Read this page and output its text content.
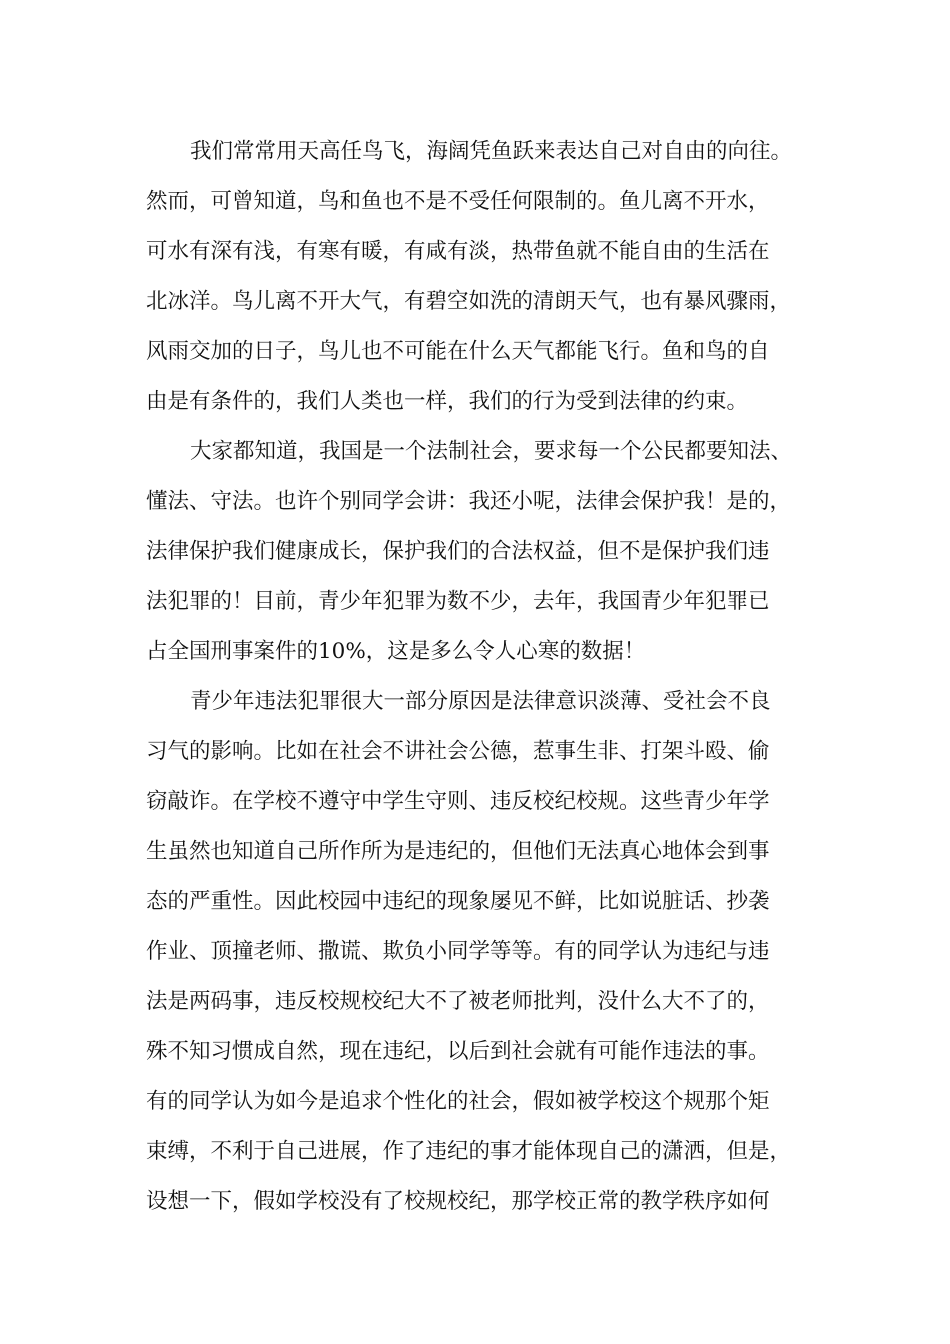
我们常常用天高任鸟飞，海阔凭鱼跃来表达自己对自由的向往。

然而，可曾知道，鸟和鱼也不是不受任何限制的。鱼儿离不开水，

可水有深有浅，有寒有暖，有咸有淡，热带鱼就不能自由的生活在

北冰洋。鸟儿离不开大气，有碧空如洗的清朗天气，也有暴风骤雨，

风雨交加的日子，鸟儿也不可能在什么天气都能飞行。鱼和鸟的自

由是有条件的，我们人类也一样，我们的行为受到法律的约束。

大家都知道，我国是一个法制社会，要求每一个公民都要知法、

懂法、守法。也许个别同学会讲：我还小呢，法律会保护我！是的，

法律保护我们健康成长，保护我们的合法权益，但不是保护我们违

法犯罪的！目前，青少年犯罪为数不少，去年，我国青少年犯罪已

占全国刑事案件的10%，这是多么令人心寒的数据！

青少年违法犯罪很大一部分原因是法律意识淡薄、受社会不良

习气的影响。比如在社会不讲社会公德，惹事生非、打架斗殴、偷

窃敲诈。在学校不遵守中学生守则、违反校纪校规。这些青少年学

生虽然也知道自己所作所为是违纪的，但他们无法真心地体会到事

态的严重性。因此校园中违纪的现象屡见不鲜，比如说脏话、抄袭

作业、顶撞老师、撒谎、欺负小同学等等。有的同学认为违纪与违

法是两码事，违反校规校纪大不了被老师批判，没什么大不了的，

殊不知习惯成自然，现在违纪，以后到社会就有可能作违法的事。

有的同学认为如今是追求个性化的社会，假如被学校这个规那个矩

束缚，不利于自己进展，作了违纪的事才能体现自己的潇洒，但是，

设想一下，假如学校没有了校规校纪，那学校正常的教学秩序如何
